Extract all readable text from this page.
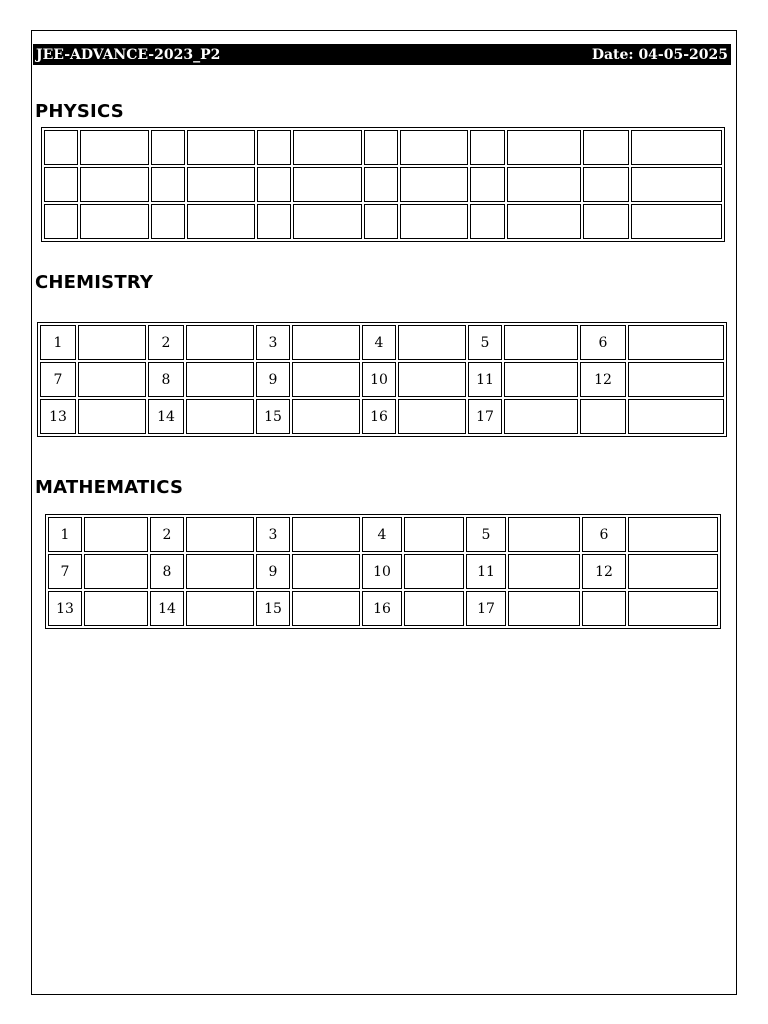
JEE-ADVANCE-2023_P2	Date: 04-05-2025
PHYSICS

CHEMISTRY
1		2		3		4		5		6	
7		8		9		10		11		12	
13		14		15		16		17			
MATHEMATICS
1		2		3		4		5		6	
7		8		9		10		11		12	
13		14		15		16		17			
